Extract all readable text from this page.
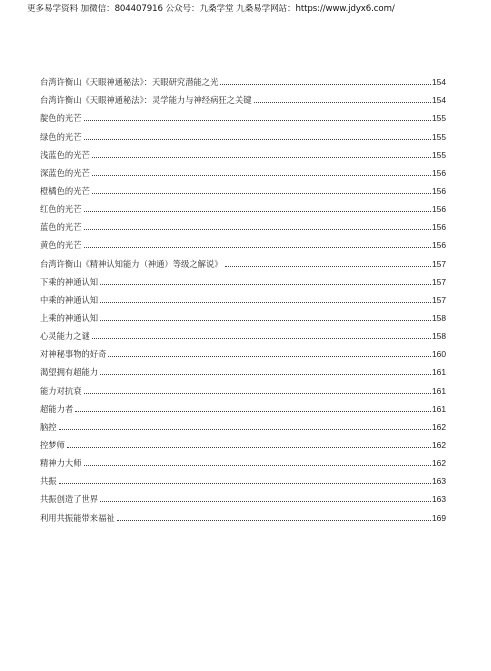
更多易学资料 加微信：804407916 公众号：九桑学堂 九桑易学网站：https://www.jdyx6.com/
台湾许衡山《天眼神通秘法》：天眼研究潜能之光	154
台湾许衡山《天眼神通秘法》：灵学能力与神经病狂之关键	154
靛色的光芒	155
绿色的光芒	155
浅蓝色的光芒	155
深蓝色的光芒	156
橙橘色的光芒	156
红色的光芒	156
蓝色的光芒	156
黄色的光芒	156
台湾许衡山《精神认知能力（神通）等级之解说》	157
下乘的神通认知	157
中乘的神通认知	157
上乘的神通认知	158
心灵能力之谜	158
对神秘事物的好奇	160
渴望拥有超能力	161
能力对抗衰	161
超能力者	161
脑控	162
控梦师	162
精神力大师	162
共振	163
共振创造了世界	163
利用共振能带来福祉	169
